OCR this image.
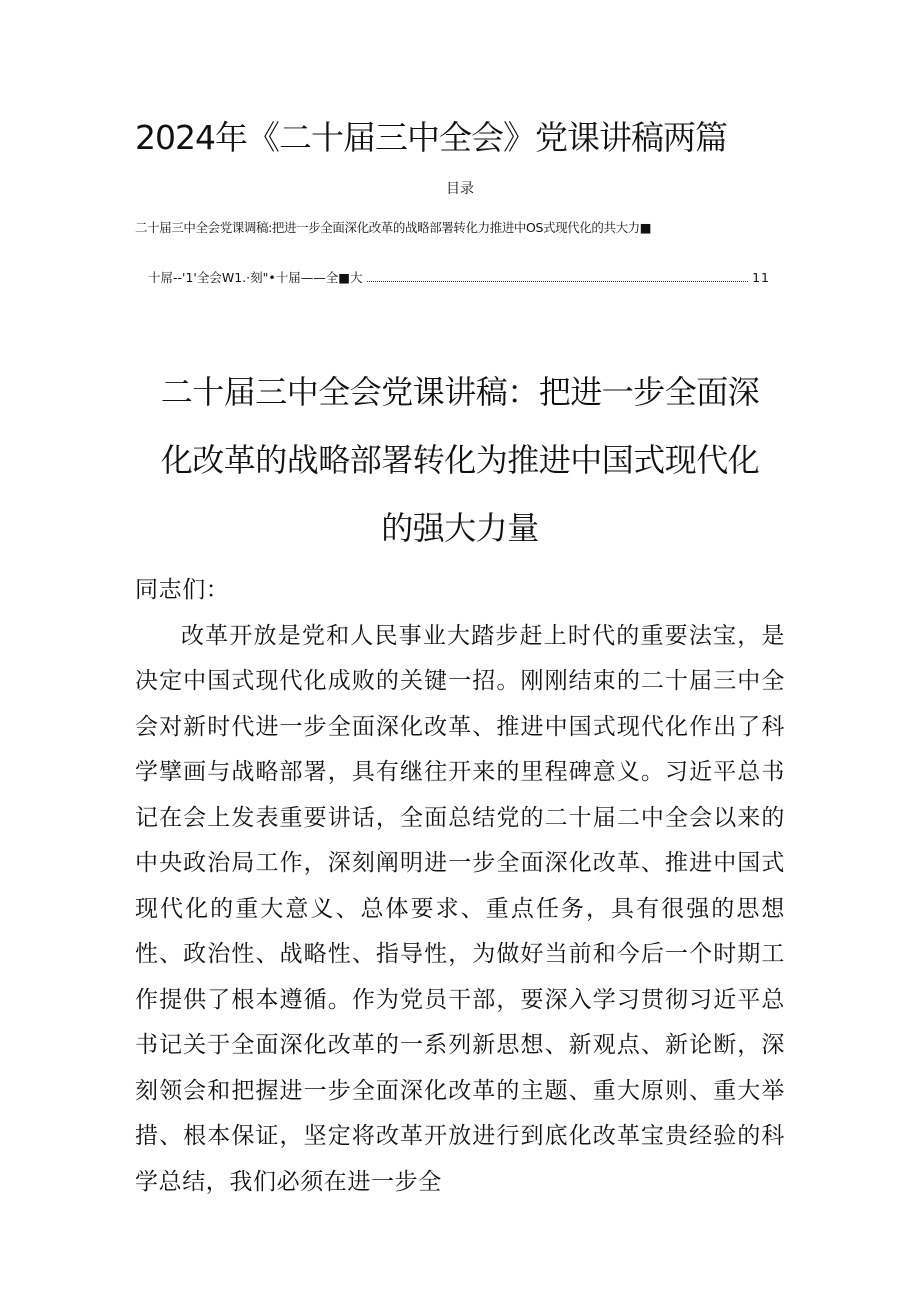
2024年《二十届三中全会》党课讲稿两篇
目录
二十届三中全会党课调稿:把进一步全面深化改革的战略部署转化力推进中OS式现代化的共大力■
十屌--'1'全会W1.·刻"•十届——全■大	11
二十届三中全会党课讲稿：把进一步全面深化改革的战略部署转化为推进中国式现代化的强大力量

同志们：

改革开放是党和人民事业大踏步赶上时代的重要法宝，是决定中国式现代化成败的关键一招。刚刚结束的二十届三中全会对新时代进一步全面深化改革、推进中国式现代化作出了科学擘画与战略部署，具有继往开来的里程碑意义。习近平总书记在会上发表重要讲话，全面总结党的二十届二中全会以来的中央政治局工作，深刻阐明进一步全面深化改革、推进中国式现代化的重大意义、总体要求、重点任务，具有很强的思想性、政治性、战略性、指导性，为做好当前和今后一个时期工作提供了根本遵循。作为党员干部，要深入学习贯彻习近平总书记关于全面深化改革的一系列新思想、新观点、新论断，深刻领会和把握进一步全面深化改革的主题、重大原则、重大举措、根本保证，坚定将改革开放进行到底化改革宝贵经验的科学总结，我们必须在进一步全
